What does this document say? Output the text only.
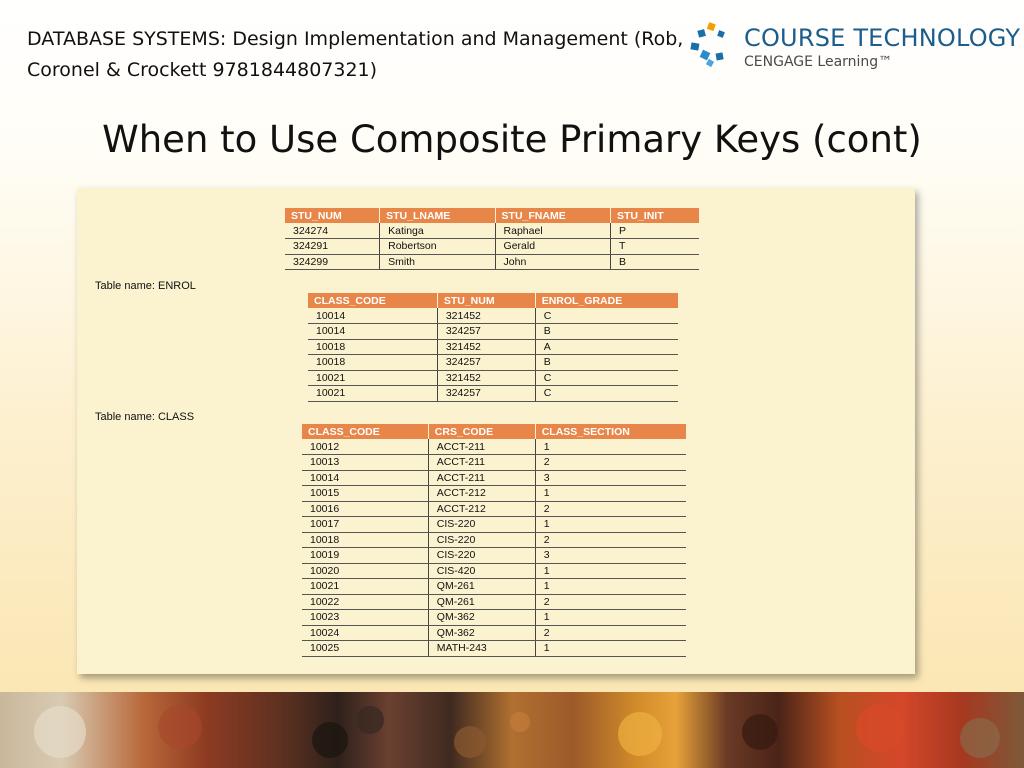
DATABASE SYSTEMS: Design Implementation and Management (Rob,
Coronel & Crockett 9781844807321)
COURSE TECHNOLOGY
CENGAGE Learning™
When to Use Composite Primary Keys (cont)
STU_NUM	STU_LNAME	STU_FNAME	STU_INIT
324274	Katinga	Raphael	P
324291	Robertson	Gerald	T
324299	Smith	John	B
Table name: ENROL
CLASS_CODE	STU_NUM	ENROL_GRADE
10014	321452	C
10014	324257	B
10018	321452	A
10018	324257	B
10021	321452	C
10021	324257	C
Table name: CLASS
CLASS_CODE	CRS_CODE	CLASS_SECTION
10012	ACCT-211	1
10013	ACCT-211	2
10014	ACCT-211	3
10015	ACCT-212	1
10016	ACCT-212	2
10017	CIS-220	1
10018	CIS-220	2
10019	CIS-220	3
10020	CIS-420	1
10021	QM-261	1
10022	QM-261	2
10023	QM-362	1
10024	QM-362	2
10025	MATH-243	1
